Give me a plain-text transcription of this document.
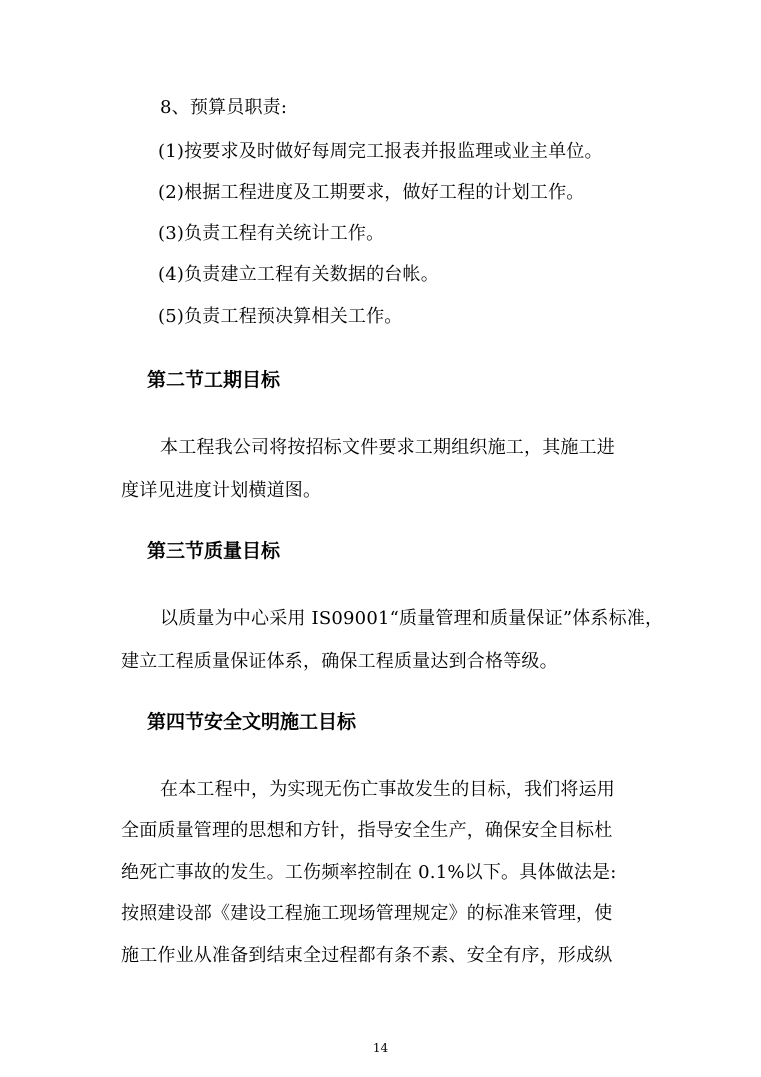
8、预算员职责:
(1)按要求及时做好每周完工报表并报监理或业主单位。
(2)根据工程进度及工期要求，做好工程的计划工作。
(3)负责工程有关统计工作。
(4)负责建立工程有关数据的台帐。
(5)负责工程预决算相关工作。
第二节工期目标
本工程我公司将按招标文件要求工期组织施工，其施工进
度详见进度计划横道图。
第三节质量目标
以质量为中心采用 IS09001“质量管理和质量保证”体系标准，
建立工程质量保证体系，确保工程质量达到合格等级。
第四节安全文明施工目标
在本工程中，为实现无伤亡事故发生的目标，我们将运用
全面质量管理的思想和方针，指导安全生产，确保安全目标杜
绝死亡事故的发生。工伤频率控制在 0.1%以下。具体做法是:
按照建设部《建设工程施工现场管理规定》的标准来管理，使
施工作业从准备到结束全过程都有条不素、安全有序，形成纵
14
